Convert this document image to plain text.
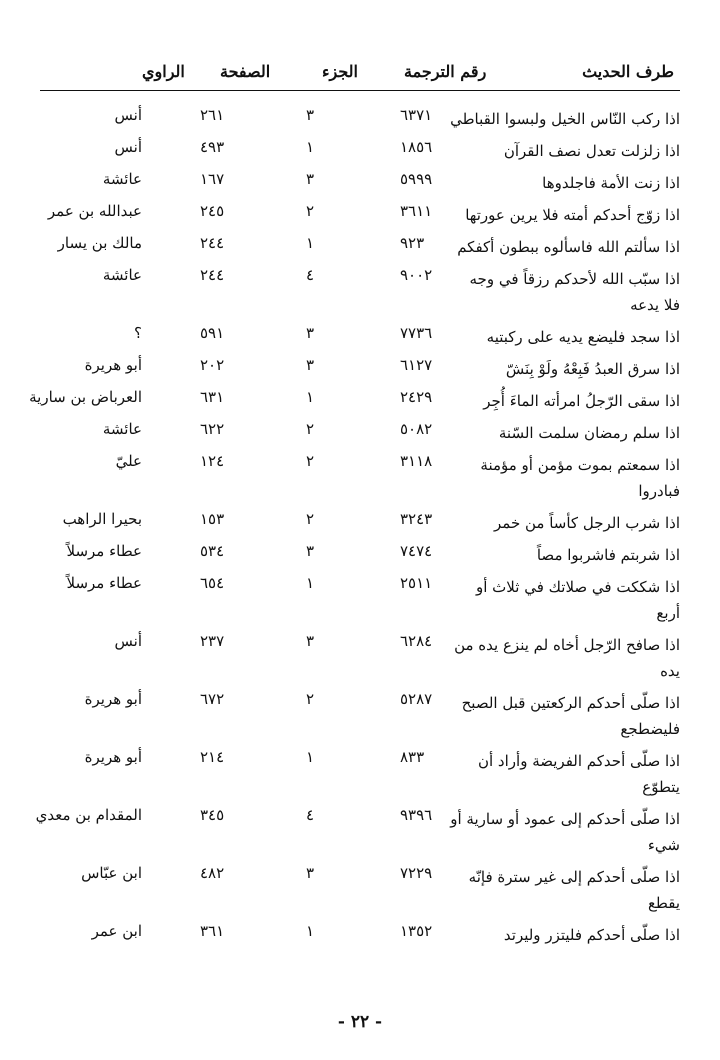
طرف الحديث
رقم الترجمة
الجزء
الصفحة
الراوي
اذا ركب النّاس الخيل ولبسوا القباطي
٦٣٧١
٣
٢٦١
أنس
اذا زلزلت تعدل نصف القرآن
١٨٥٦
١
٤٩٣
أنس
اذا زنت الأمة فاجلدوها
٥٩٩٩
٣
١٦٧
عائشة
اذا زوّج أحدكم أمته فلا يرين عورتها
٣٦١١
٢
٢٤٥
عبدالله بن عمر
اذا سألتم الله فاسألوه ببطون أكفكم
٩٢٣
١
٢٤٤
مالك بن يسار
اذا سبّب الله لأحدكم رزقاً في وجه فلا يدعه
٩٠٠٢
٤
٢٤٤
عائشة
اذا سجد فليضع يديه على ركبتيه
٧٧٣٦
٣
٥٩١
؟
اذا سرق العبدُ فَبِعْهُ ولَوْ بِنَشّ
٦١٢٧
٣
٢٠٢
أبو هريرة
اذا سقى الرّجلُ امرأته الماءَ أُجِر
٢٤٢٩
١
٦٣١
العرباض بن سارية
اذا سلم رمضان سلمت السّنة
٥٠٨٢
٢
٦٢٢
عائشة
اذا سمعتم بموت مؤمن أو مؤمنة فبادروا
٣١١٨
٢
١٢٤
عليّ
اذا شرب الرجل كأساً من خمر
٣٢٤٣
٢
١٥٣
بحيرا الراهب
اذا شربتم فاشربوا مصاً
٧٤٧٤
٣
٥٣٤
عطاء مرسلاً
اذا شككت في صلاتك في ثلاث أو أربع
٢٥١١
١
٦٥٤
عطاء مرسلاً
اذا صافح الرّجل أخاه لم ينزع يده من يده
٦٢٨٤
٣
٢٣٧
أنس
اذا صلّى أحدكم الركعتين قبل الصبح فليضطجع
٥٢٨٧
٢
٦٧٢
أبو هريرة
اذا صلّى أحدكم الفريضة وأراد أن يتطوّع
٨٣٣
١
٢١٤
أبو هريرة
اذا صلّى أحدكم إلى عمود أو سارية أو شيء
٩٣٩٦
٤
٣٤٥
المقدام بن معدي
اذا صلّى أحدكم إلى غير سترة فإنّه يقطع
٧٢٢٩
٣
٤٨٢
ابن عبّاس
اذا صلّى أحدكم فليتزر وليرتد
١٣٥٢
١
٣٦١
ابن عمر
- ٢٢ -
